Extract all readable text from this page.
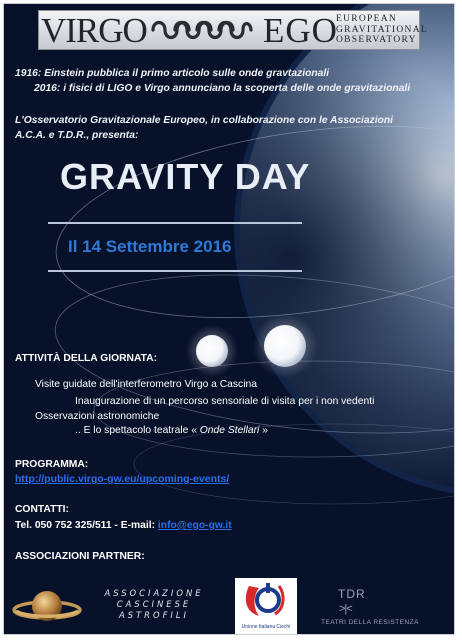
VIRGO	EGO
EUROPEAN
GRAVITATIONAL
OBSERVATORY
1916: Einstein pubblica il primo articolo sulle onde gravtazionali
2016: i fisici di LIGO e Virgo annunciano la scoperta delle onde gravitazionali
L'Osservatorio Gravitazionale Europeo, in collaborazione con le Associazioni
A.C.A. e T.D.R., presenta:
GRAVITY DAY
Il 14 Settembre 2016
ATTIVITÀ DELLA GIORNATA:
Visite guidate dell'interferometro Virgo a Cascina
Inaugurazione di un percorso sensoriale di visita per i non vedenti
Osservazioni astronomiche
.. E lo spettacolo teatrale « Onde Stellari »
PROGRAMMA:
http://public.virgo-gw.eu/upcoming-events/
CONTATTI:
Tel. 050 752 325/511 - E-mail: info@ego-gw.it
ASSOCIAZIONI PARTNER:
ASSOCIAZIONE
CASCINESE
ASTROFILI
Unione Italiana Ciechi
TDR
>|<
TEATRI DELLA RESISTENZA
